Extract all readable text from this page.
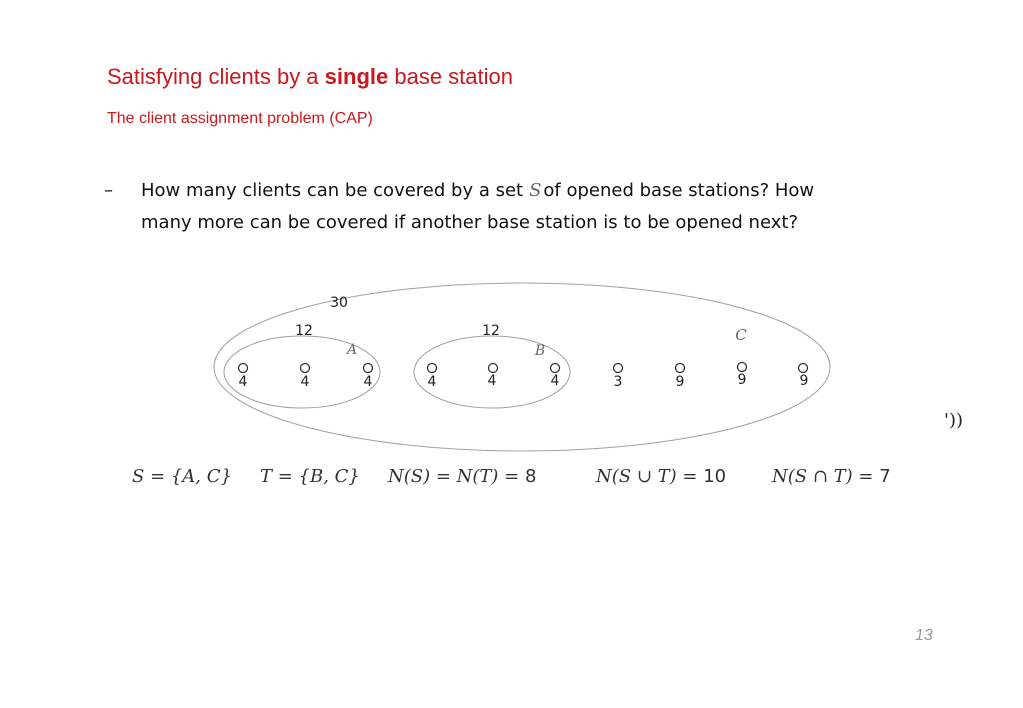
Satisfying clients by a single base station
The client assignment problem (CAP)
– How many clients can be covered by a set S of opened base stations? How
many more can be covered if another base station is to be opened next?
30
12	12
A	B
C
4	4	4	4	4	4	3	9	9	9
'))
S = {A, C} T = {B, C} N(S) = N(T) = 8	N(S ∪ T) = 10	N(S ∩ T) = 7
13
